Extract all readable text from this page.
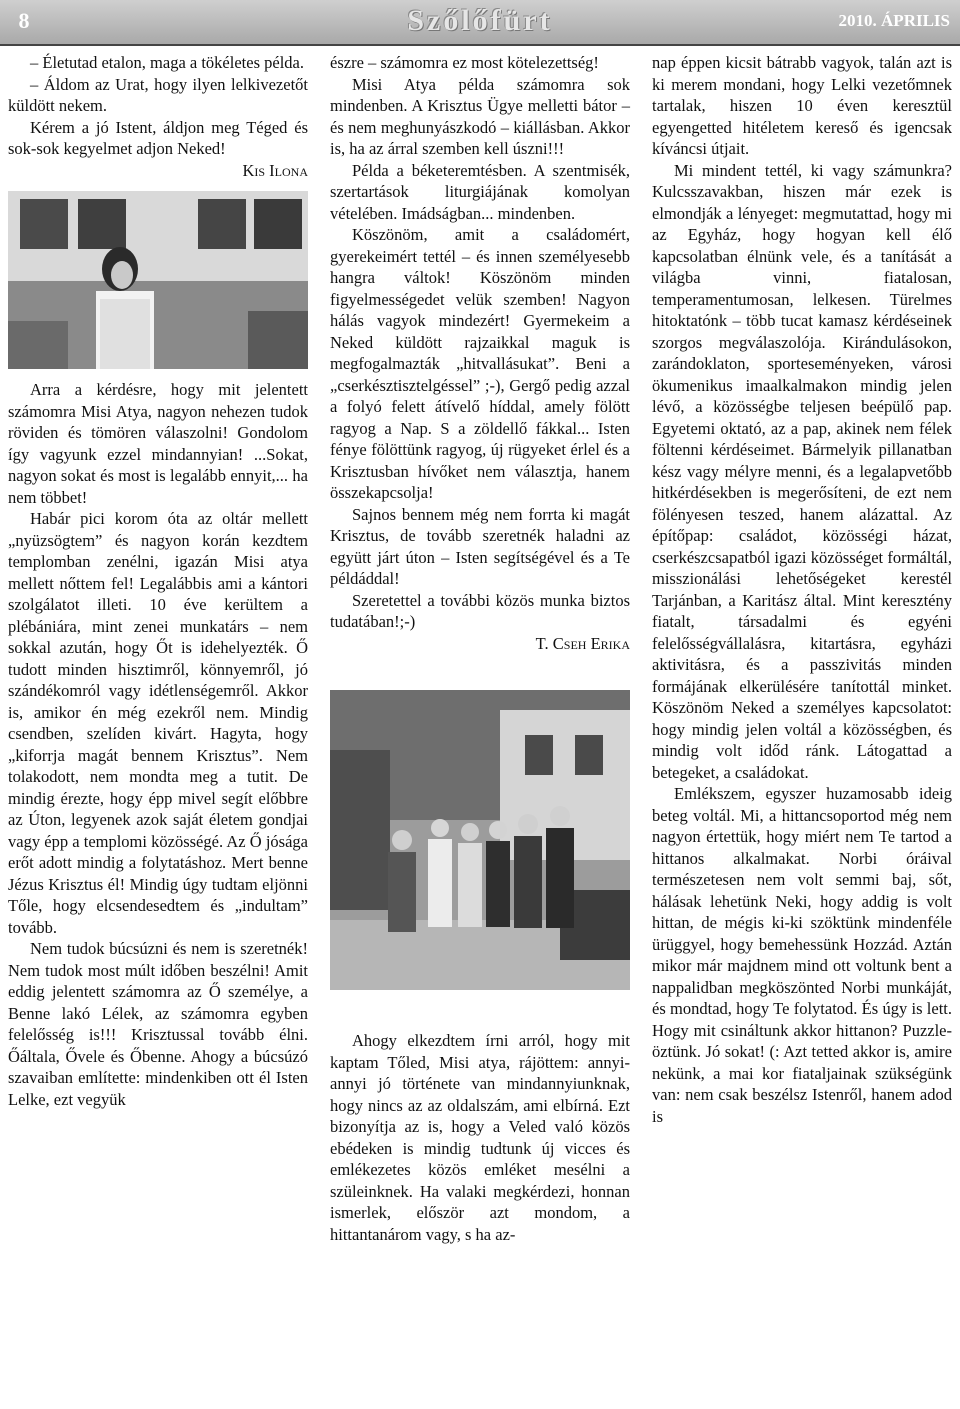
8	Szőlőfürt	2010. ÁPRILIS

– Életutad etalon, maga a tökéletes példa.

– Áldom az Urat, hogy ilyen lelkivezetőt küldött nekem.

Kérem a jó Istent, áldjon meg Téged és sok-sok kegyelmet adjon Neked!

Kis Ilona

Arra a kérdésre, hogy mit jelentett számomra Misi Atya, nagyon nehezen tudok röviden és tömören válaszolni! Gondolom így vagyunk ezzel mindannyian! ...Sokat, nagyon sokat és most is legalább ennyit,... ha nem többet!

Habár pici korom óta az oltár mellett „nyüzsögtem” és nagyon korán kezdtem templomban zenélni, igazán Misi atya mellett nőttem fel! Legalábbis ami a kántori szolgálatot illeti. 10 éve kerültem a plébániára, mint zenei munkatárs – nem sokkal azután, hogy Őt is idehelyezték. Ő tudott minden hisztimről, könnyemről, jó szándékomról vagy idétlenségemről. Akkor is, amikor én még ezekről nem. Mindig csendben, szelíden kivárt. Hagyta, hogy „kiforrja magát bennem Krisztus”. Nem tolakodott, nem mondta meg a tutit. De mindig érezte, hogy épp mivel segít előbbre az Úton, legyenek azok saját életem gondjai vagy épp a templomi közösségé. Az Ő jósága erőt adott mindig a folytatáshoz. Mert benne Jézus Krisztus él! Mindig úgy tudtam eljönni Tőle, hogy elcsendesedtem és „indultam” tovább.

Nem tudok búcsúzni és nem is szeretnék! Nem tudok most múlt időben beszélni! Amit eddig jelentett számomra az Ő személye, a Benne lakó Lélek, az számomra egyben felelősség is!!! Krisztussal tovább élni. Őáltala, Ővele és Őbenne. Ahogy a búcsúzó szavaiban említette: mindenkiben ott él Isten Lelke, ezt vegyük

észre – számomra ez most kötelezettség!

Misi Atya példa számomra sok mindenben. A Krisztus Ügye melletti bátor – és nem meghunyászkodó – kiállásban. Akkor is, ha az árral szemben kell úszni!!!

Példa a béketeremtésben. A szentmisék, szertartások liturgiájának komolyan vételében. Imádságban... mindenben.

Köszönöm, amit a családomért, gyerekeimért tettél – és innen személyesebb hangra váltok! Köszönöm minden figyelmességedet velük szemben! Nagyon hálás vagyok mindezért! Gyermekeim a Neked küldött rajzaikkal maguk is megfogalmazták „hitvallásukat”. Beni a „cserkésztisztelgéssel” ;-), Gergő pedig azzal a folyó felett átívelő híddal, amely fölött ragyog a Nap. S a zöldellő fákkal... Isten fénye fölöttünk ragyog, új rügyeket érlel és a Krisztusban hívőket nem választja, hanem összekapcsolja!

Sajnos bennem még nem forrta ki magát Krisztus, de tovább szeretnék haladni az együtt járt úton – Isten segítségével és a Te példáddal!

Szeretettel a további közös munka biztos tudatában!;-)

T. Cseh Erika

Ahogy elkezdtem írni arról, hogy mit kaptam Tőled, Misi atya, rájöttem: annyi-annyi jó története van mindannyiunknak, hogy nincs az az oldalszám, ami elbírná. Ezt bizonyítja az is, hogy a Veled való közös ebédeken is mindig tudtunk új vicces és emlékezetes közös emléket mesélni a szüleinknek. Ha valaki megkérdezi, honnan ismerlek, először azt mondom, a hittantanárom vagy, s ha az-

nap éppen kicsit bátrabb vagyok, talán azt is ki merem mondani, hogy Lelki vezetőmnek tartalak, hiszen 10 éven keresztül egyengetted hitéletem kereső és igencsak kíváncsi útjait.

Mi mindent tettél, ki vagy számunkra? Kulcsszavakban, hiszen már ezek is elmondják a lényeget: megmutattad, hogy mi az Egyház, hogy hogyan kell élő kapcsolatban élnünk vele, és a tanítását a világba vinni, fiatalosan, temperamentumosan, lelkesen. Türelmes hitoktatónk – több tucat kamasz kérdéseinek szorgos megválaszolója. Kirándulásokon, zarándoklaton, sporteseményeken, városi ökumenikus imaalkalmakon mindig jelen lévő, a közösségbe teljesen beépülő pap. Egyetemi oktató, az a pap, akinek nem félek föltenni kérdéseimet. Bármelyik pillanatban kész vagy mélyre menni, és a legalapvetőbb hitkérdésekben is megerősíteni, de ezt nem fölényesen teszed, hanem alázattal. Az építőpap: családot, közösségi házat, cserkészcsapatból igazi közösséget formáltál, misszionálási lehetőségeket kerestél Tarjánban, a Karitász által. Mint keresztény fiatalt, társadalmi és egyéni felelősségvállalásra, kitartásra, egyházi aktivitásra, és a passzivitás minden formájának elkerülésére tanítottál minket. Köszönöm Neked a személyes kapcsolatot: hogy mindig jelen voltál a közösségben, és mindig volt időd ránk. Látogattad a betegeket, a családokat.

Emlékszem, egyszer huzamosabb ideig beteg voltál. Mi, a hittancsoportod még nem nagyon értettük, hogy miért nem Te tartod a hittanos alkalmakat. Norbi óráival természetesen nem volt semmi baj, sőt, hálásak lehetünk Neki, hogy addig is volt hittan, de mégis ki-ki szöktünk mindenféle ürüggyel, hogy bemehessünk Hozzád. Aztán mikor már majdnem mind ott voltunk bent a nappalidban megköszönted Norbi munkáját, és mondtad, hogy Te folytatod. És úgy is lett. Hogy mit csináltunk akkor hittanon? Puzzle-öztünk. Jó sokat! (: Azt tetted akkor is, amire nekünk, a mai kor fiataljainak szükségünk van: nem csak beszélsz Istenről, hanem adod is
